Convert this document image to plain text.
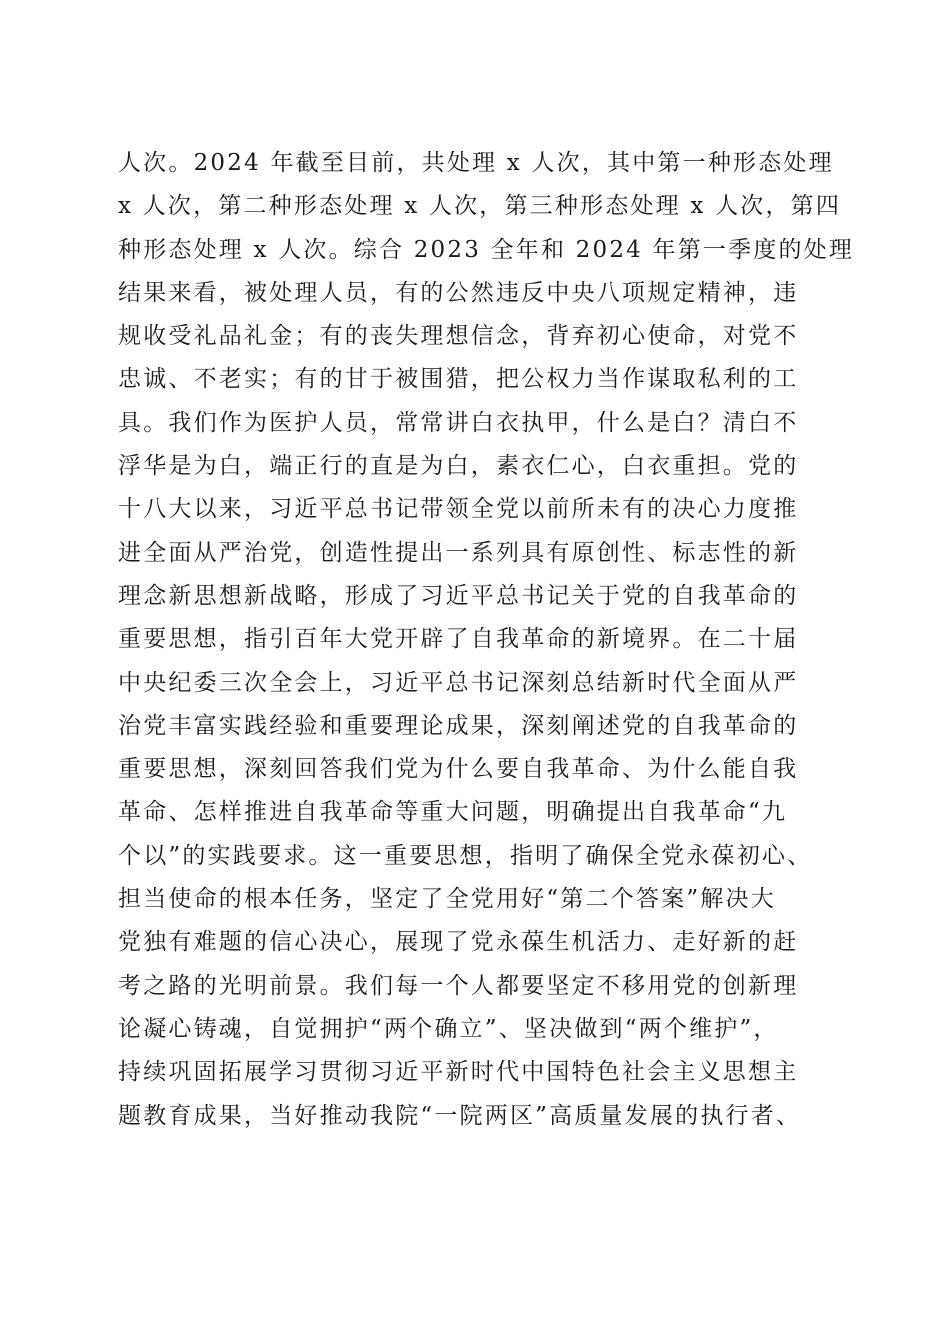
人次。2024 年截至目前，共处理 x 人次，其中第一种形态处理
x 人次，第二种形态处理 x 人次，第三种形态处理 x 人次，第四
种形态处理 x 人次。综合 2023 全年和 2024 年第一季度的处理
结果来看，被处理人员，有的公然违反中央八项规定精神，违
规收受礼品礼金；有的丧失理想信念，背弃初心使命，对党不
忠诚、不老实；有的甘于被围猎，把公权力当作谋取私利的工
具。我们作为医护人员，常常讲白衣执甲，什么是白？清白不
浮华是为白，端正行的直是为白，素衣仁心，白衣重担。党的
十八大以来，习近平总书记带领全党以前所未有的决心力度推
进全面从严治党，创造性提出一系列具有原创性、标志性的新
理念新思想新战略，形成了习近平总书记关于党的自我革命的
重要思想，指引百年大党开辟了自我革命的新境界。在二十届
中央纪委三次全会上，习近平总书记深刻总结新时代全面从严
治党丰富实践经验和重要理论成果，深刻阐述党的自我革命的
重要思想，深刻回答我们党为什么要自我革命、为什么能自我
革命、怎样推进自我革命等重大问题，明确提出自我革命“九
个以”的实践要求。这一重要思想，指明了确保全党永葆初心、
担当使命的根本任务，坚定了全党用好“第二个答案”解决大
党独有难题的信心决心，展现了党永葆生机活力、走好新的赶
考之路的光明前景。我们每一个人都要坚定不移用党的创新理
论凝心铸魂，自觉拥护“两个确立”、坚决做到“两个维护”，
持续巩固拓展学习贯彻习近平新时代中国特色社会主义思想主
题教育成果，当好推动我院“一院两区”高质量发展的执行者、
